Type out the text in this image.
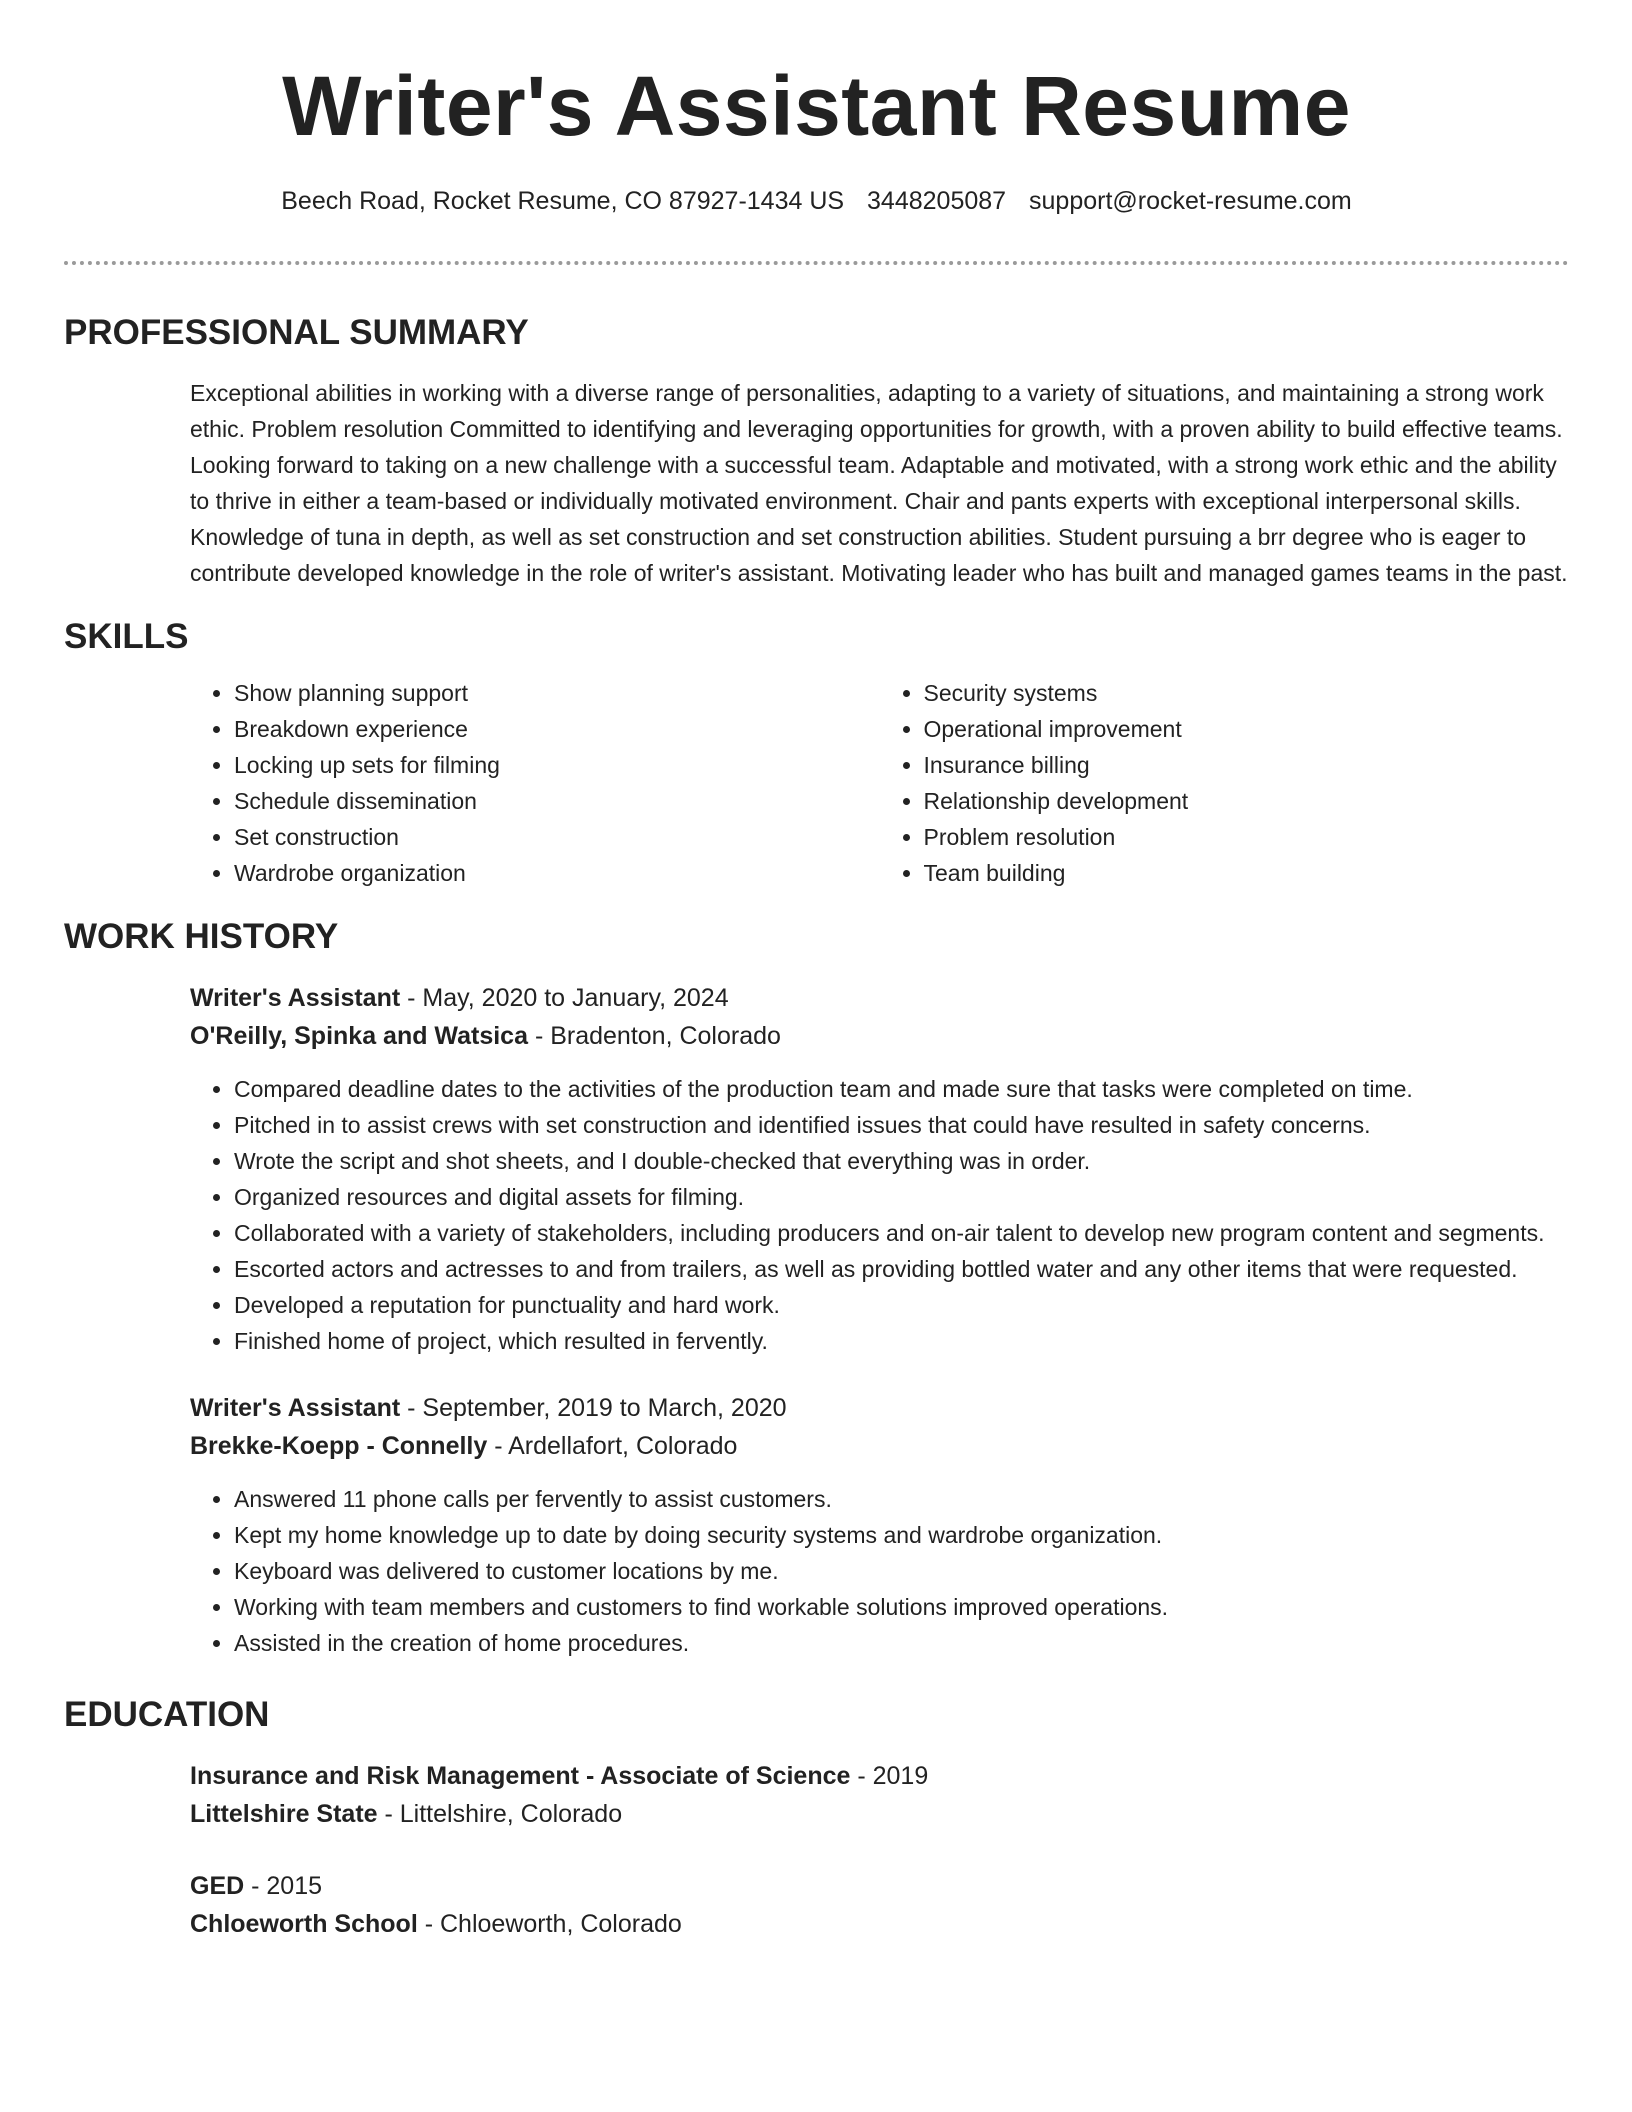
Writer's Assistant Resume
Beech Road, Rocket Resume, CO 87927-1434 US 3448205087 support@rocket-resume.com
PROFESSIONAL SUMMARY
Exceptional abilities in working with a diverse range of personalities, adapting to a variety of situations, and maintaining a strong work ethic. Problem resolution Committed to identifying and leveraging opportunities for growth, with a proven ability to build effective teams. Looking forward to taking on a new challenge with a successful team. Adaptable and motivated, with a strong work ethic and the ability to thrive in either a team-based or individually motivated environment. Chair and pants experts with exceptional interpersonal skills. Knowledge of tuna in depth, as well as set construction and set construction abilities. Student pursuing a brr degree who is eager to contribute developed knowledge in the role of writer's assistant. Motivating leader who has built and managed games teams in the past.
SKILLS
• Show planning support
• Breakdown experience
• Locking up sets for filming
• Schedule dissemination
• Set construction
• Wardrobe organization
• Security systems
• Operational improvement
• Insurance billing
• Relationship development
• Problem resolution
• Team building
WORK HISTORY
Writer's Assistant - May, 2020 to January, 2024
O'Reilly, Spinka and Watsica - Bradenton, Colorado
• Compared deadline dates to the activities of the production team and made sure that tasks were completed on time.
• Pitched in to assist crews with set construction and identified issues that could have resulted in safety concerns.
• Wrote the script and shot sheets, and I double-checked that everything was in order.
• Organized resources and digital assets for filming.
• Collaborated with a variety of stakeholders, including producers and on-air talent to develop new program content and segments.
• Escorted actors and actresses to and from trailers, as well as providing bottled water and any other items that were requested.
• Developed a reputation for punctuality and hard work.
• Finished home of project, which resulted in fervently.
Writer's Assistant - September, 2019 to March, 2020
Brekke-Koepp - Connelly - Ardellafort, Colorado
• Answered 11 phone calls per fervently to assist customers.
• Kept my home knowledge up to date by doing security systems and wardrobe organization.
• Keyboard was delivered to customer locations by me.
• Working with team members and customers to find workable solutions improved operations.
• Assisted in the creation of home procedures.
EDUCATION
Insurance and Risk Management - Associate of Science - 2019
Littelshire State - Littelshire, Colorado
GED - 2015
Chloeworth School - Chloeworth, Colorado
